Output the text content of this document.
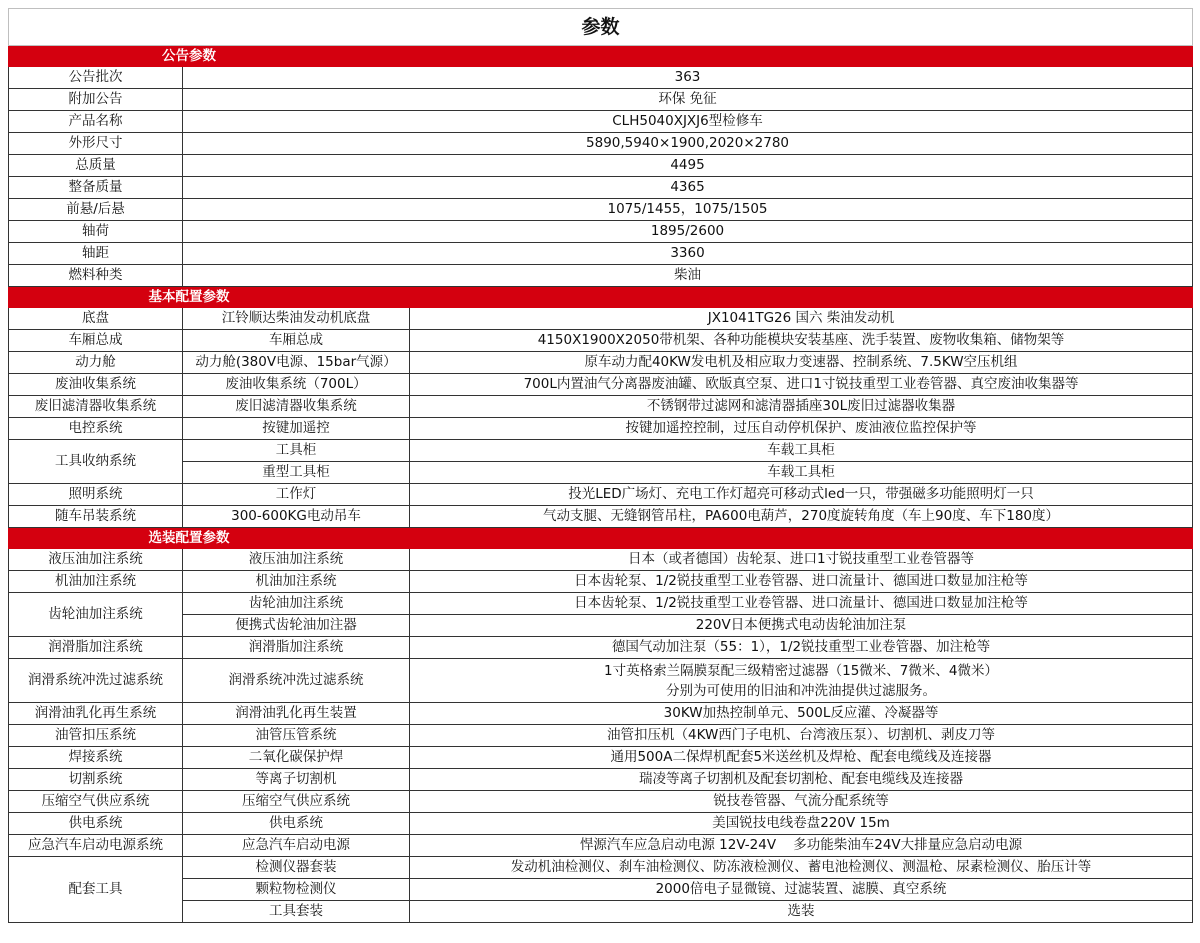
参数		
公告参数		
公告批次	363	
附加公告	环保 免征	
产品名称	CLH5040XJXJ6型检修车	
外形尺寸	5890,5940×1900,2020×2780	
总质量	4495	
整备质量	4365	
前悬/后悬	1075/1455，1075/1505	
轴荷	1895/2600	
轴距	3360	
燃料种类	柴油	
基本配置参数		
底盘	江铃顺达柴油发动机底盘	JX1041TG26 国六 柴油发动机
车厢总成	车厢总成	4150X1900X2050带机架、各种功能模块安装基座、洗手装置、废物收集箱、储物架等
动力舱	动力舱(380V电源、15bar气源）	原车动力配40KW发电机及相应取力变速器、控制系统、7.5KW空压机组
废油收集系统	废油收集系统（700L）	700L内置油气分离器废油罐、欧版真空泵、进口1寸锐技重型工业卷管器、真空废油收集器等
废旧滤清器收集系统	废旧滤清器收集系统	不锈钢带过滤网和滤清器插座30L废旧过滤器收集器
电控系统	按键加遥控	按键加遥控控制，过压自动停机保护、废油液位监控保护等
工具收纳系统	工具柜	车载工具柜
	重型工具柜	车载工具柜
照明系统	工作灯	投光LED广场灯、充电工作灯超亮可移动式led一只，带强磁多功能照明灯一只
随车吊装系统	300-600KG电动吊车	气动支腿、无缝钢管吊柱，PA600电葫芦，270度旋转角度（车上90度、车下180度）
选装配置参数		
液压油加注系统	液压油加注系统	日本（或者德国）齿轮泵、进口1寸锐技重型工业卷管器等
机油加注系统	机油加注系统	日本齿轮泵、1/2锐技重型工业卷管器、进口流量计、德国进口数显加注枪等
齿轮油加注系统	齿轮油加注系统	日本齿轮泵、1/2锐技重型工业卷管器、进口流量计、德国进口数显加注枪等
	便携式齿轮油加注器	220V日本便携式电动齿轮油加注泵
润滑脂加注系统	润滑脂加注系统	德国气动加注泵（55：1），1/2锐技重型工业卷管器、加注枪等
润滑系统冲洗过滤系统	润滑系统冲洗过滤系统	1寸英格索兰隔膜泵配三级精密过滤器（15微米、7微米、4微米）
分别为可使用的旧油和冲洗油提供过滤服务。

润滑油乳化再生系统	润滑油乳化再生装置	30KW加热控制单元、500L反应灌、冷凝器等
油管扣压系统	油管压管系统	油管扣压机（4KW西门子电机、台湾液压泵）、切割机、剥皮刀等
焊接系统	二氧化碳保护焊	通用500A二保焊机配套5米送丝机及焊枪、配套电缆线及连接器
切割系统	等离子切割机	瑞凌等离子切割机及配套切割枪、配套电缆线及连接器
压缩空气供应系统	压缩空气供应系统	锐技卷管器、气流分配系统等
供电系统	供电系统	美国锐技电线卷盘220V 15m
应急汽车启动电源系统	应急汽车启动电源	悍源汽车应急启动电源 12V-24V    多功能柴油车24V大排量应急启动电源
配套工具	检测仪器套装	发动机油检测仪、刹车油检测仪、防冻液检测仪、蓄电池检测仪、测温枪、尿素检测仪、胎压计等
	颗粒物检测仪	2000倍电子显微镜、过滤装置、滤膜、真空系统
	工具套装	选装
